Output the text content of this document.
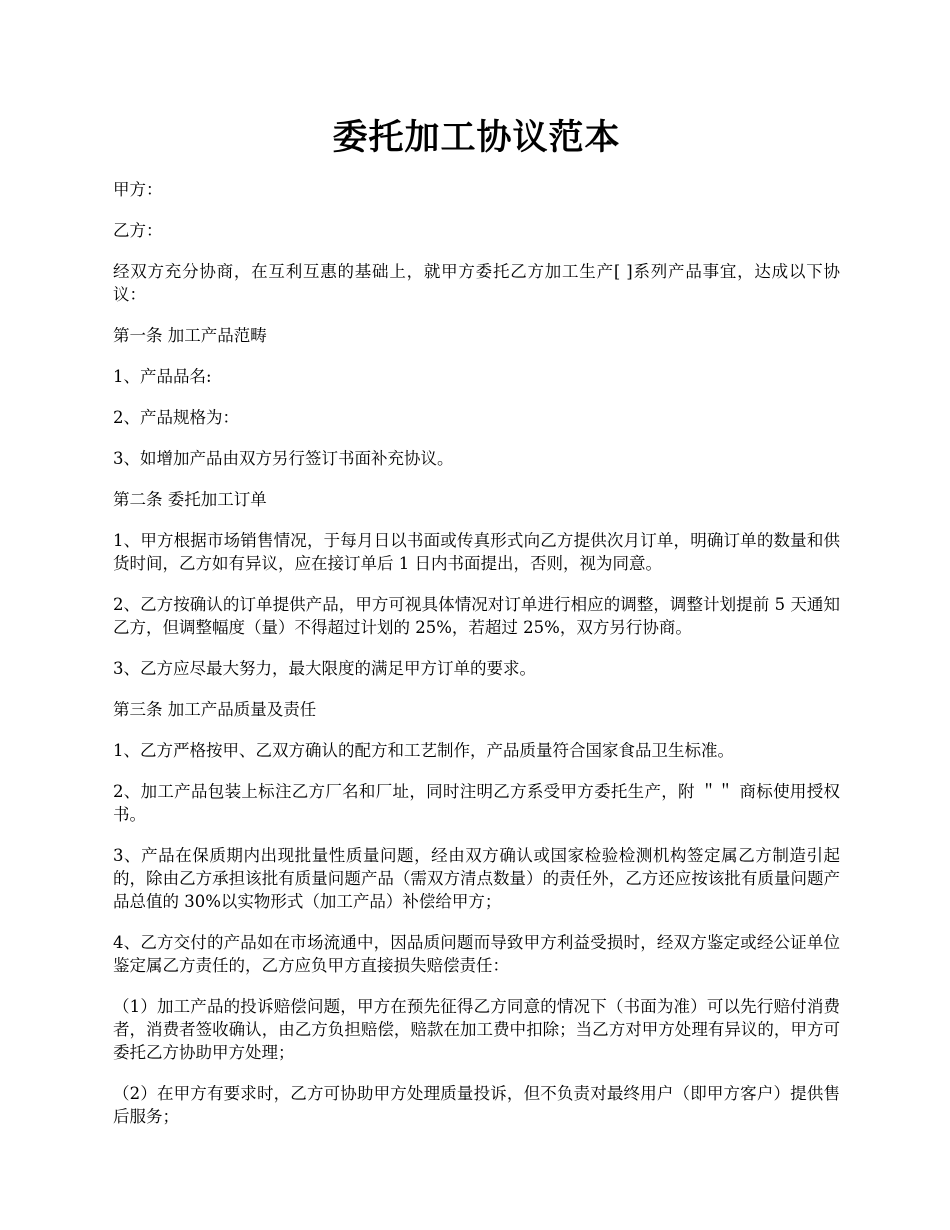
委托加工协议范本

甲方：

乙方：

经双方充分协商，在互利互惠的基础上，就甲方委托乙方加工生产[ ]系列产品事宜，达成以下协议：

第一条 加工产品范畴

1、产品品名:

2、产品规格为：

3、如增加产品由双方另行签订书面补充协议。

第二条 委托加工订单

1、甲方根据市场销售情况，于每月日以书面或传真形式向乙方提供次月订单，明确订单的数量和供货时间，乙方如有异议，应在接订单后 1 日内书面提出，否则，视为同意。

2、乙方按确认的订单提供产品，甲方可视具体情况对订单进行相应的调整，调整计划提前 5 天通知乙方，但调整幅度（量）不得超过计划的 25%，若超过 25%，双方另行协商。

3、乙方应尽最大努力，最大限度的满足甲方订单的要求。

第三条 加工产品质量及责任

1、乙方严格按甲、乙双方确认的配方和工艺制作，产品质量符合国家食品卫生标准。

2、加工产品包装上标注乙方厂名和厂址，同时注明乙方系受甲方委托生产，附 ＂＂ 商标使用授权书。

3、产品在保质期内出现批量性质量问题，经由双方确认或国家检验检测机构签定属乙方制造引起的，除由乙方承担该批有质量问题产品（需双方清点数量）的责任外，乙方还应按该批有质量问题产品总值的 30%以实物形式（加工产品）补偿给甲方；

4、乙方交付的产品如在市场流通中，因品质问题而导致甲方利益受损时，经双方鉴定或经公证单位鉴定属乙方责任的，乙方应负甲方直接损失赔偿责任：

（1）加工产品的投诉赔偿问题，甲方在预先征得乙方同意的情况下（书面为准）可以先行赔付消费者，消费者签收确认，由乙方负担赔偿，赔款在加工费中扣除；当乙方对甲方处理有异议的，甲方可委托乙方协助甲方处理；

（2）在甲方有要求时，乙方可协助甲方处理质量投诉，但不负责对最终用户（即甲方客户）提供售后服务；
